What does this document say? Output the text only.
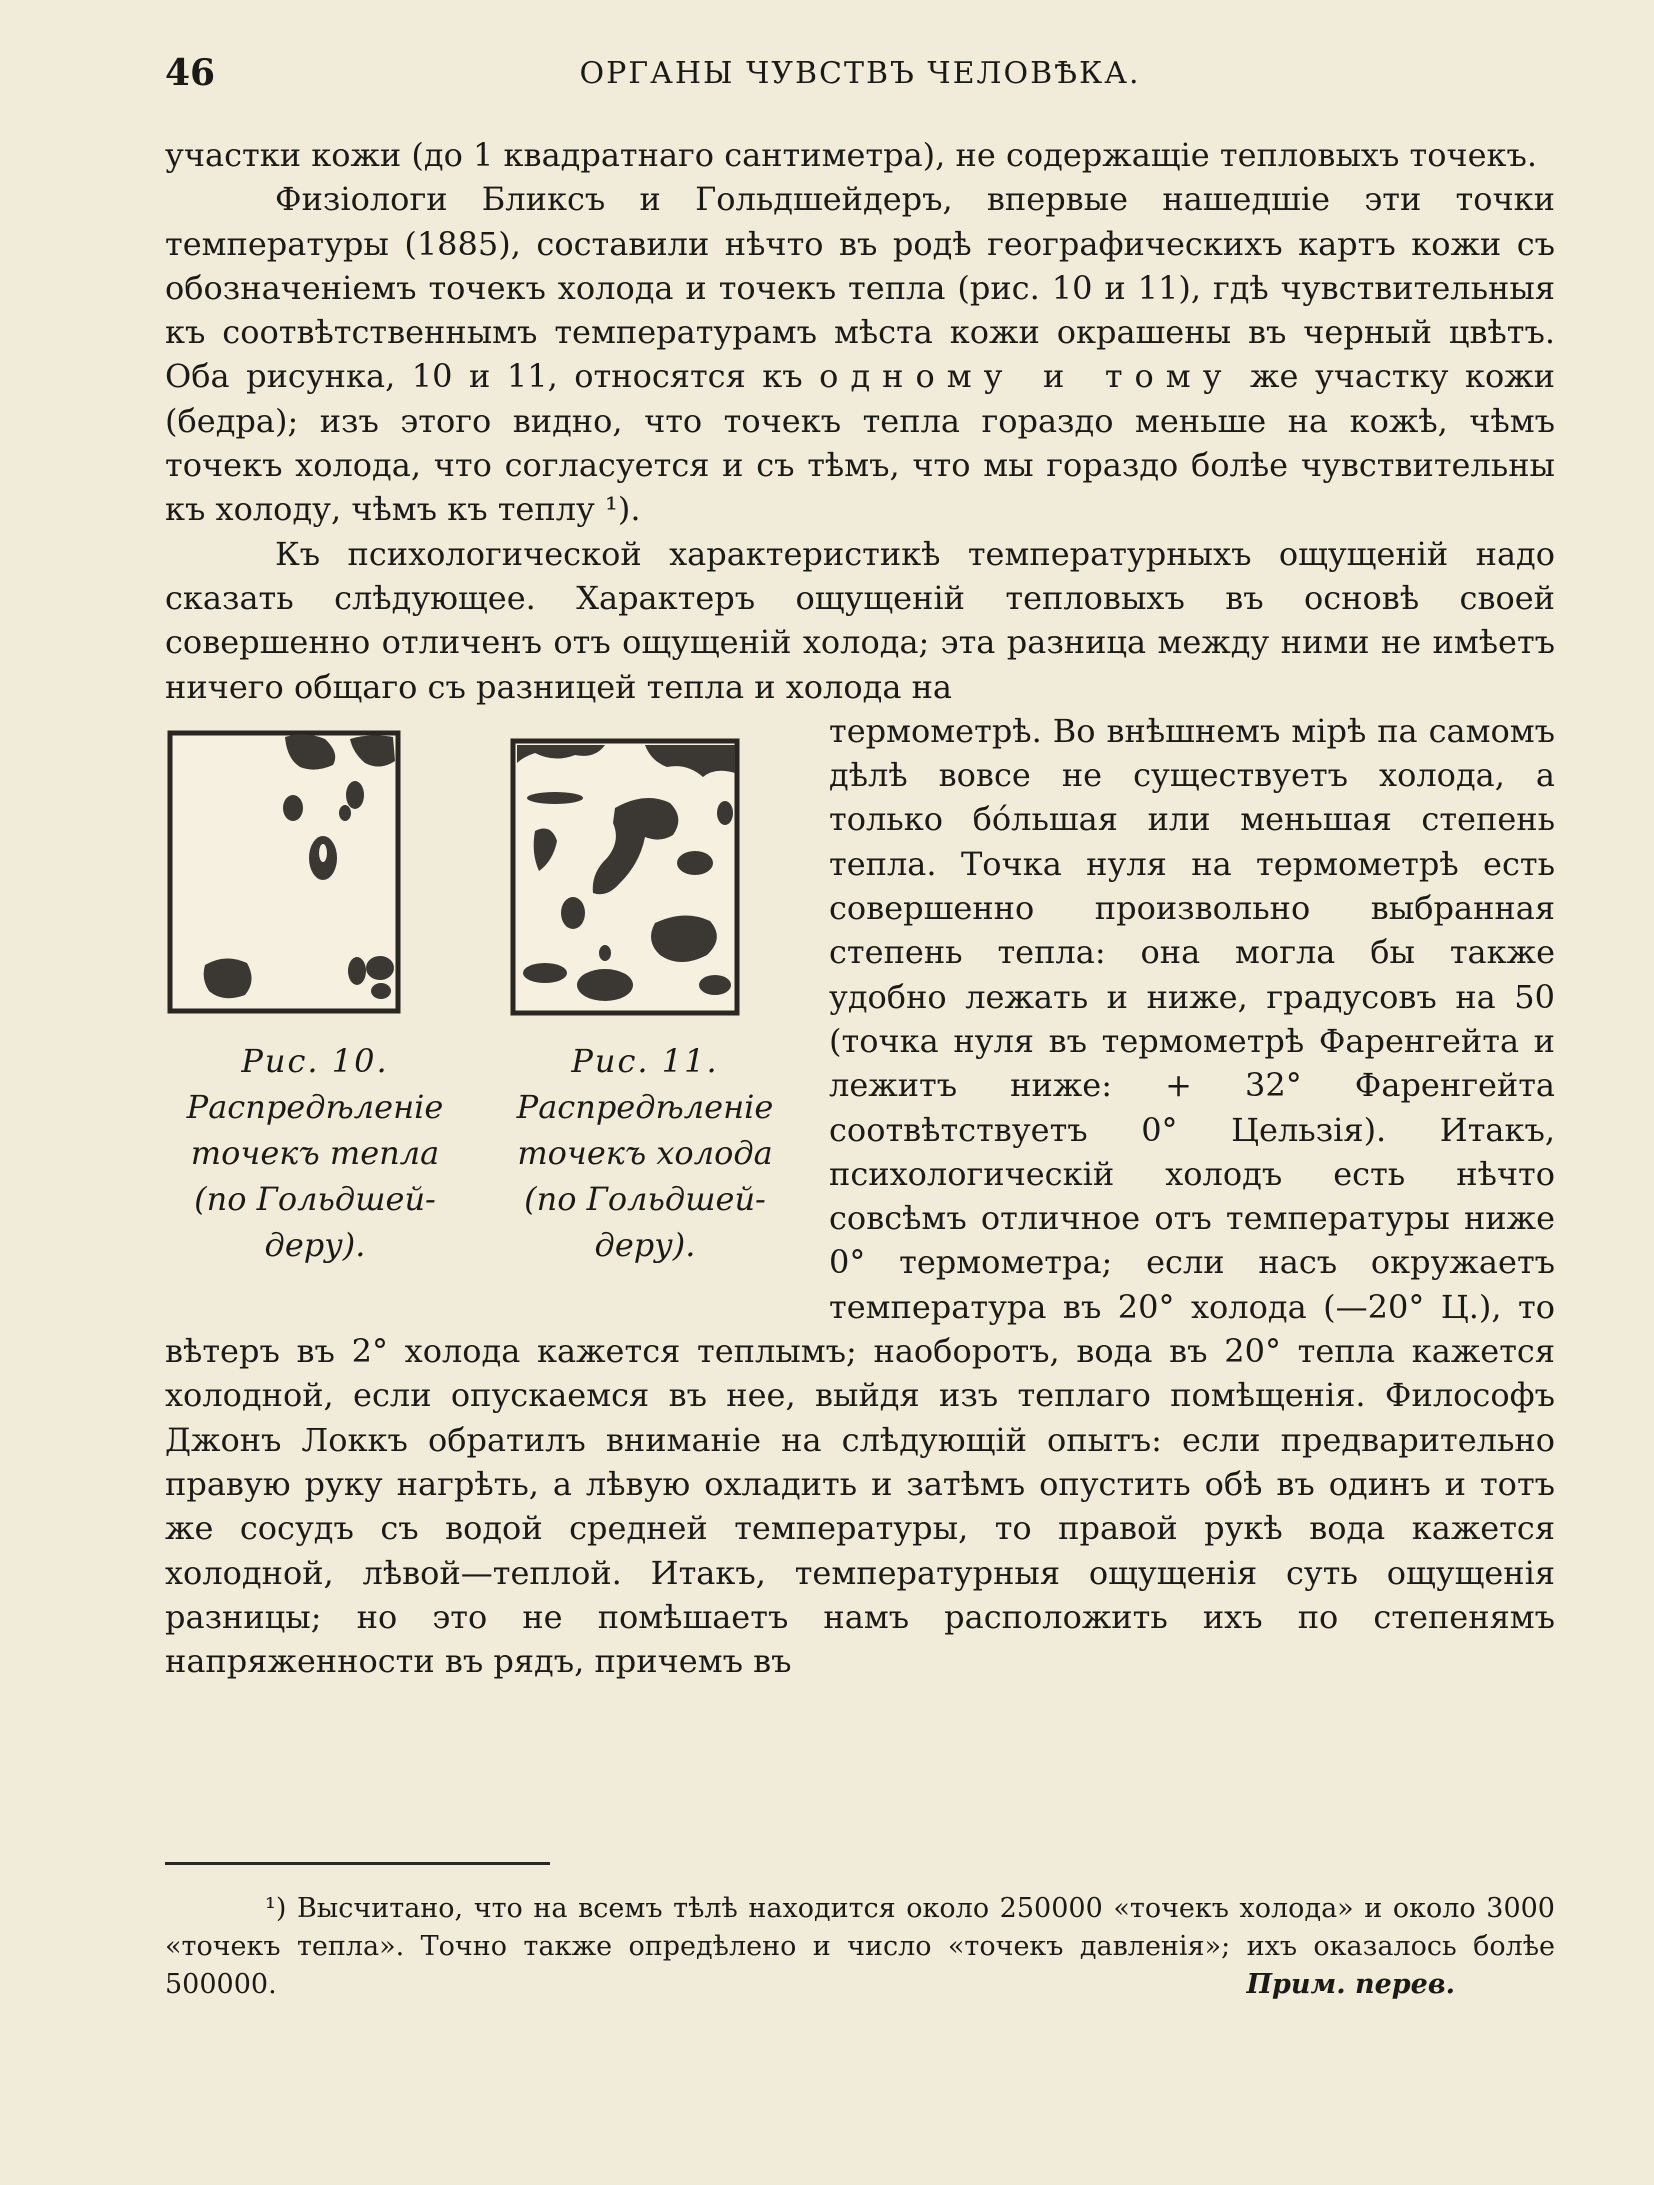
46	ОРГАНЫ ЧУВСТВЪ ЧЕЛОВѢКА.

участки кожи (до 1 квадратнаго сантиметра), не содержащіе тепловыхъ точекъ.

Физіологи Бликсъ и Гольдшейдеръ, впервые нашедшіе эти точки температуры (1885), составили нѣчто въ родѣ географическихъ картъ кожи съ обозначеніемъ точекъ холода и точекъ тепла (рис. 10 и 11), гдѣ чувствительныя къ соотвѣтственнымъ температурамъ мѣста кожи окрашены въ черный цвѣтъ. Оба рисунка, 10 и 11, относятся къ одному и тому же участку кожи (бедра); изъ этого видно, что точекъ тепла гораздо меньше на кожѣ, чѣмъ точекъ холода, что согласуется и съ тѣмъ, что мы гораздо болѣе чувствительны къ холоду, чѣмъ къ теплу ¹).

Къ психологической характеристикѣ температурныхъ ощущеній надо сказать слѣдующее. Характеръ ощущеній тепловыхъ въ основѣ своей совершенно отличенъ отъ ощущеній холода; эта разница между ними не имѣетъ ничего общаго съ разницей тепла и холода на

Рис. 10.
Распредѣленіе
точекъ тепла
(по Гольдшей-
деру).
Рис. 11.
Распредѣленіе
точекъ холода
(по Гольдшей-
деру).

термометрѣ. Во внѣшнемъ мірѣ па самомъ дѣлѣ вовсе не существуетъ холода, а только бóльшая или меньшая степень тепла. Точка нуля на термометрѣ есть совершенно произвольно выбранная степень тепла: она могла бы также удобно лежать и ниже, градусовъ на 50 (точка нуля въ термометрѣ Фаренгейта и лежитъ ниже: + 32° Фаренгейта соотвѣтствуетъ 0° Цельзія). Итакъ, психологическій холодъ есть нѣчто совсѣмъ отличное отъ температуры ниже 0° термометра; если насъ окружаетъ температура въ 20° холода (—20° Ц.), то вѣтеръ въ 2° холода кажется теплымъ; наоборотъ, вода въ 20° тепла кажется холодной, если опускаемся въ нее, выйдя изъ теплаго помѣщенія. Философъ Джонъ Локкъ обратилъ вниманіе на слѣдующій опытъ: если предварительно правую руку нагрѣть, а лѣвую охладить и затѣмъ опустить обѣ въ одинъ и тотъ же сосудъ съ водой средней температуры, то правой рукѣ вода кажется холодной, лѣвой—теплой. Итакъ, температурныя ощущенія суть ощущенія разницы; но это не помѣшаетъ намъ расположить ихъ по степенямъ напряженности въ рядъ, причемъ въ

¹) Высчитано, что на всемъ тѣлѣ находится около 250000 «точекъ холода» и около 3000 «точекъ тепла». Точно также опредѣлено и число «точекъ давленія»; ихъ оказалось болѣе 500000.	Прим. перев.
